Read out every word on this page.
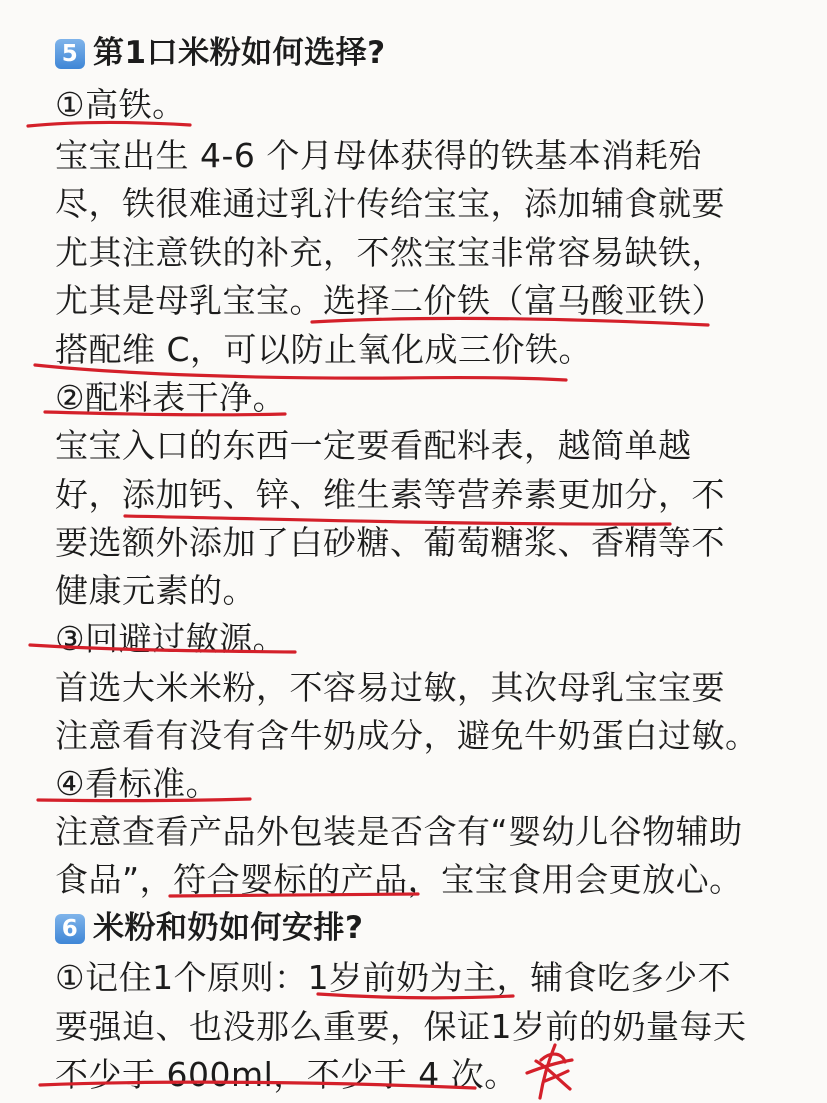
5 第1口米粉如何选择?
①高铁。
宝宝出生 4-6 个月母体获得的铁基本消耗殆
尽，铁很难通过乳汁传给宝宝，添加辅食就要
尤其注意铁的补充，不然宝宝非常容易缺铁，
尤其是母乳宝宝。选择二价铁（富马酸亚铁）
搭配维 C，可以防止氧化成三价铁。
②配料表干净。
宝宝入口的东西一定要看配料表，越简单越
好，添加钙、锌、维生素等营养素更加分，不
要选额外添加了白砂糖、葡萄糖浆、香精等不
健康元素的。
③回避过敏源。
首选大米米粉，不容易过敏，其次母乳宝宝要
注意看有没有含牛奶成分，避免牛奶蛋白过敏。
④看标准。
注意查看产品外包装是否含有“婴幼儿谷物辅助
食品”，符合婴标的产品，宝宝食用会更放心。
6 米粉和奶如何安排?
①记住1个原则：1岁前奶为主，辅食吃多少不
要强迫、也没那么重要，保证1岁前的奶量每天
不少于 600ml，不少于 4 次。
